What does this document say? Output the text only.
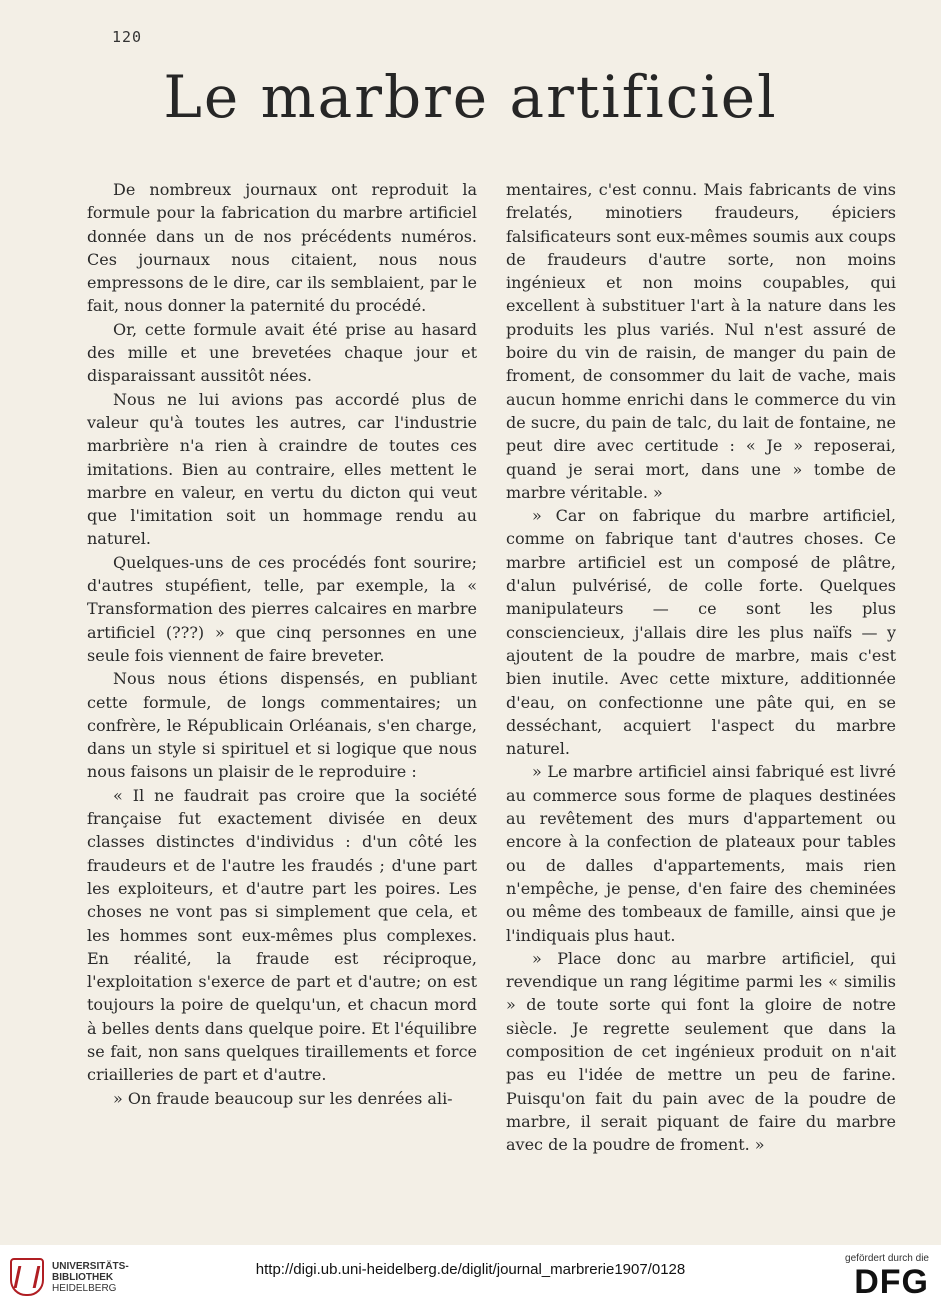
120
Le marbre artificiel

De nombreux journaux ont reproduit la formule pour la fabrication du marbre artificiel donnée dans un de nos précédents numéros. Ces journaux nous citaient, nous nous empressons de le dire, car ils semblaient, par le fait, nous donner la paternité du procédé.

Or, cette formule avait été prise au hasard des mille et une brevetées chaque jour et disparaissant aussitôt nées.

Nous ne lui avions pas accordé plus de valeur qu'à toutes les autres, car l'industrie marbrière n'a rien à craindre de toutes ces imitations. Bien au contraire, elles mettent le marbre en valeur, en vertu du dicton qui veut que l'imitation soit un hommage rendu au naturel.

Quelques-uns de ces procédés font sourire; d'autres stupéfient, telle, par exemple, la « Transformation des pierres calcaires en marbre artificiel (???) » que cinq personnes en une seule fois viennent de faire breveter.

Nous nous étions dispensés, en publiant cette formule, de longs commentaires; un confrère, le Républicain Orléanais, s'en charge, dans un style si spirituel et si logique que nous nous faisons un plaisir de le reproduire :

« Il ne faudrait pas croire que la société française fut exactement divisée en deux classes distinctes d'individus : d'un côté les fraudeurs et de l'autre les fraudés ; d'une part les exploiteurs, et d'autre part les poires. Les choses ne vont pas si simplement que cela, et les hommes sont eux-mêmes plus complexes. En réalité, la fraude est réciproque, l'exploitation s'exerce de part et d'autre; on est toujours la poire de quelqu'un, et chacun mord à belles dents dans quelque poire. Et l'équilibre se fait, non sans quelques tiraillements et force criailleries de part et d'autre.

» On fraude beaucoup sur les denrées ali-

mentaires, c'est connu. Mais fabricants de vins frelatés, minotiers fraudeurs, épiciers falsificateurs sont eux-mêmes soumis aux coups de fraudeurs d'autre sorte, non moins ingénieux et non moins coupables, qui excellent à substituer l'art à la nature dans les produits les plus variés. Nul n'est assuré de boire du vin de raisin, de manger du pain de froment, de consommer du lait de vache, mais aucun homme enrichi dans le commerce du vin de sucre, du pain de talc, du lait de fontaine, ne peut dire avec certitude : « Je » reposerai, quand je serai mort, dans une » tombe de marbre véritable. »

» Car on fabrique du marbre artificiel, comme on fabrique tant d'autres choses. Ce marbre artificiel est un composé de plâtre, d'alun pulvérisé, de colle forte. Quelques manipulateurs — ce sont les plus consciencieux, j'allais dire les plus naïfs — y ajoutent de la poudre de marbre, mais c'est bien inutile. Avec cette mixture, additionnée d'eau, on confectionne une pâte qui, en se desséchant, acquiert l'aspect du marbre naturel.

» Le marbre artificiel ainsi fabriqué est livré au commerce sous forme de plaques destinées au revêtement des murs d'appartement ou encore à la confection de plateaux pour tables ou de dalles d'appartements, mais rien n'empêche, je pense, d'en faire des cheminées ou même des tombeaux de famille, ainsi que je l'indiquais plus haut.

» Place donc au marbre artificiel, qui revendique un rang légitime parmi les « similis » de toute sorte qui font la gloire de notre siècle. Je regrette seulement que dans la composition de cet ingénieux produit on n'ait pas eu l'idée de mettre un peu de farine. Puisqu'on fait du pain avec de la poudre de marbre, il serait piquant de faire du marbre avec de la poudre de froment. »

UNIVERSITÄTS-
BIBLIOTHEK
HEIDELBERG
http://digi.ub.uni-heidelberg.de/diglit/journal_marbrerie1907/0128
gefördert durch die
DFG
